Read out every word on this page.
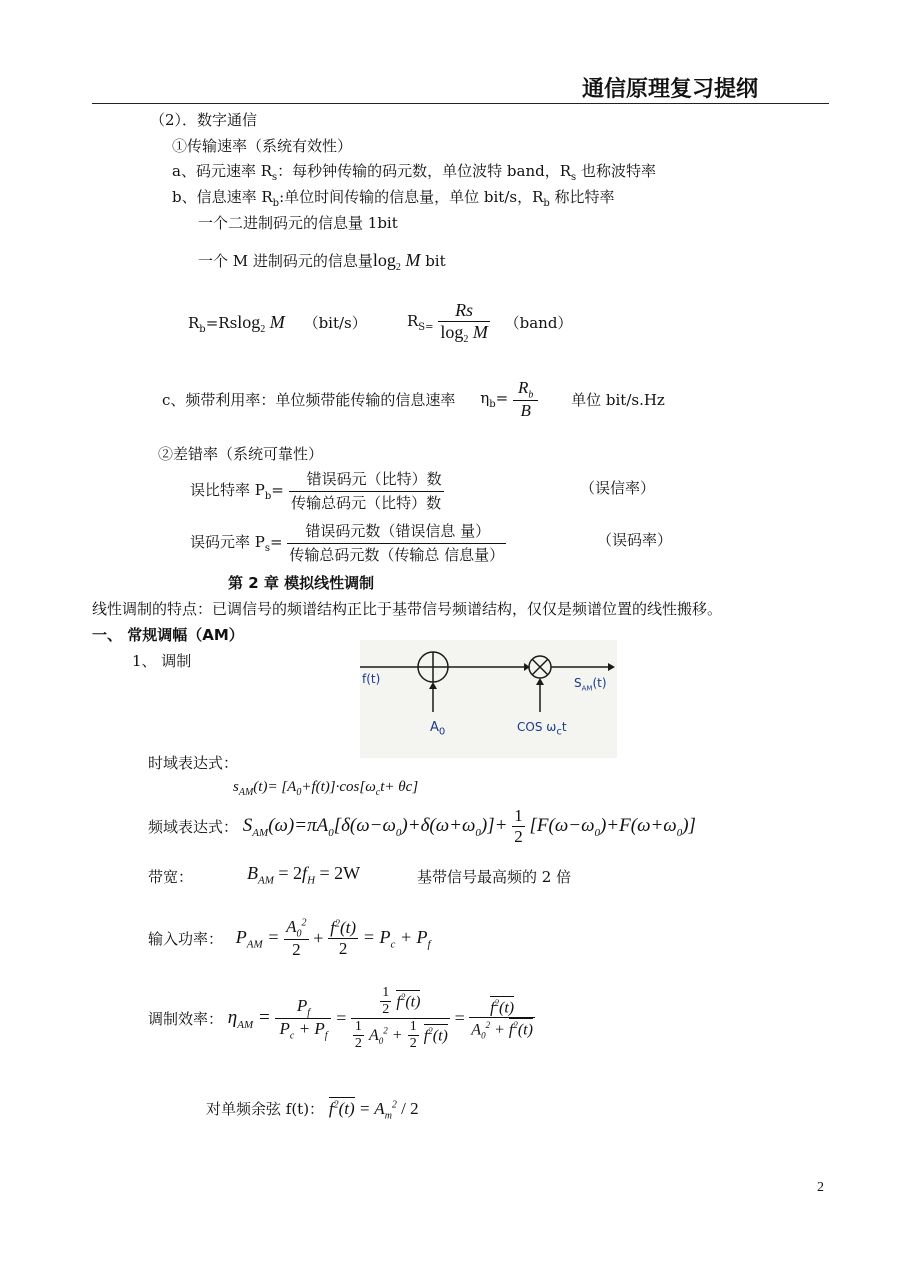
通信原理复习提纲
（2）．数字通信
①传输速率（系统有效性）
a、码元速率 $R_s$：每秒钟传输的码元数，单位波特 band，$R_s$ 也称波特率
b、信息速率 $R_b$:单位时间传输的信息量，单位 bit/s，$R_b$ 称比特率
一个二进制码元的信息量 1bit
一个 M 进制码元的信息量$\log_2 M$ bit
$R_b=Rslog_2$ M （bit/s）	$R_{S=} \frac{Rs}{\log_2 M}$ （band）
c、频带利用率：单位频带能传输的信息速率 $\eta_b= \frac{R_b}{B}$ 单位 bit/s.Hz
②差错率（系统可靠性）
误比特率 $P_b= \frac{\text{错误码元（比特）数}}{\text{传输总码元（比特）数}}$	（误信率）
误码元率 $P_s= \frac{\text{错误码元数（错误信息 量）}}{\text{传输总码元数（传输总 信息量）}}$	（误码率）
第 2 章 模拟线性调制
线性调制的特点：已调信号的频谱结构正比于基带信号频谱结构，仅仅是频谱位置的线性搬移。
一、 常规调幅（AM）
1、 调制
f(t)
$A_0$	COS $\omega_ct$
$S_{AM}(t)$
时域表达式：
$s_{AM}(t)= [A_0+f(t)]\cdot\cos[\omega_ct+ \theta c]$
频域表达式： $S_{AM}(\omega)=\pi A_0[\delta(\omega-\omega_0)+\delta(\omega+\omega_0)]+ \frac{1}{2} [F(\omega-\omega_0)+F(\omega+\omega_0)]$
带宽：	$B_{AM} = 2f_H = 2W$	基带信号最高频的 2 倍
输入功率： $P_{AM} = \frac{A_0^2}{2} + \frac{f^2(t)}{2} = P_c + P_f$
调制效率： $\eta_{AM} = \frac{P_f}{P_c + P_f} = \frac{\frac{1}{2} f^2(t)}{\frac{1}{2} A_0^2 + \frac{1}{2} f^2(t)} = \frac{f^2(t)}{A_0^2 + f^2(t)}$
对单频余弦 f(t)： $f^2(t) = A_m^2 / 2$
2
